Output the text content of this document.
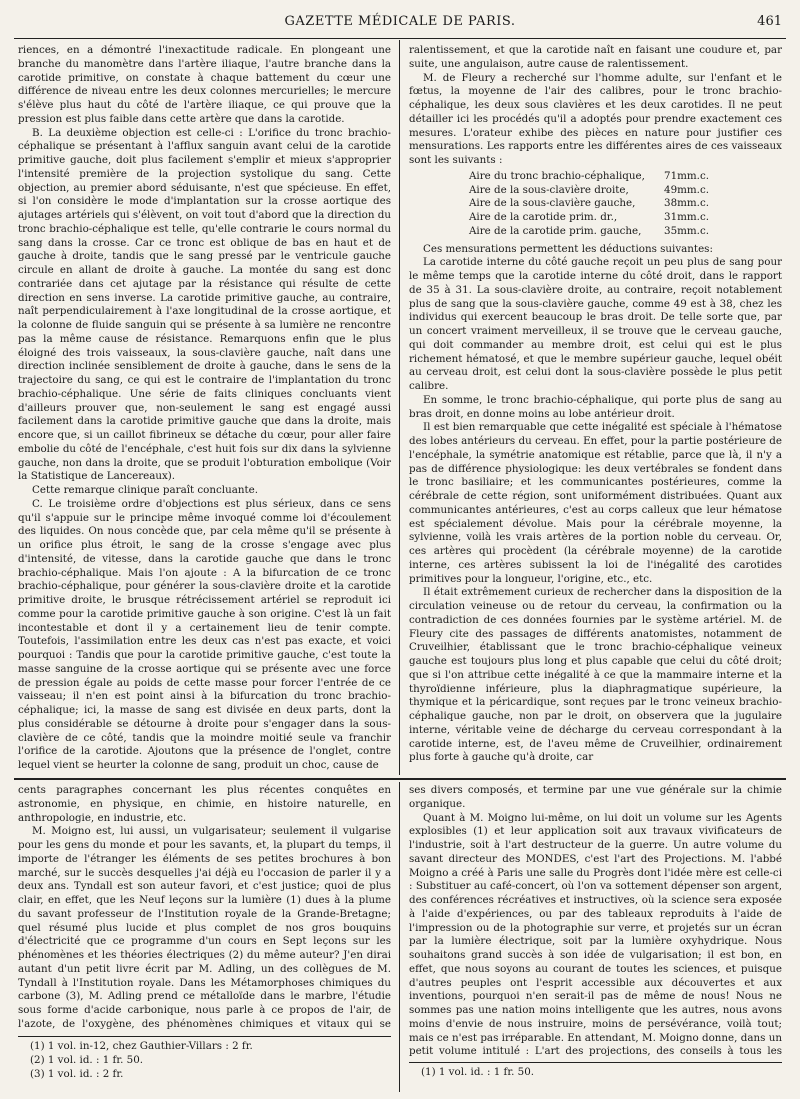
GAZETTE MÉDICALE DE PARIS.	461

riences, en a démontré l'inexactitude radicale. En plongeant une branche du manomètre dans l'artère iliaque, l'autre branche dans la carotide primitive, on constate à chaque battement du cœur une différence de niveau entre les deux colonnes mercurielles; le mercure s'élève plus haut du côté de l'artère iliaque, ce qui prouve que la pression est plus faible dans cette artère que dans la carotide.

B. La deuxième objection est celle-ci : L'orifice du tronc brachio-céphalique se présentant à l'afflux sanguin avant celui de la carotide primitive gauche, doit plus facilement s'emplir et mieux s'approprier l'intensité première de la projection systolique du sang. Cette objection, au premier abord séduisante, n'est que spécieuse. En effet, si l'on considère le mode d'implantation sur la crosse aortique des ajutages artériels qui s'élèvent, on voit tout d'abord que la direction du tronc brachio-céphalique est telle, qu'elle contrarie le cours normal du sang dans la crosse. Car ce tronc est oblique de bas en haut et de gauche à droite, tandis que le sang pressé par le ventricule gauche circule en allant de droite à gauche. La montée du sang est donc contrariée dans cet ajutage par la résistance qui résulte de cette direction en sens inverse. La carotide primitive gauche, au contraire, naît perpendiculairement à l'axe longitudinal de la crosse aortique, et la colonne de fluide sanguin qui se présente à sa lumière ne rencontre pas la même cause de résistance. Remarquons enfin que le plus éloigné des trois vaisseaux, la sous-clavière gauche, naît dans une direction inclinée sensiblement de droite à gauche, dans le sens de la trajectoire du sang, ce qui est le contraire de l'implantation du tronc brachio-céphalique. Une série de faits cliniques concluants vient d'ailleurs prouver que, non-seulement le sang est engagé aussi facilement dans la carotide primitive gauche que dans la droite, mais encore que, si un caillot fibrineux se détache du cœur, pour aller faire embolie du côté de l'encéphale, c'est huit fois sur dix dans la sylvienne gauche, non dans la droite, que se produit l'obturation embolique (Voir la Statistique de Lancereaux).

Cette remarque clinique paraît concluante.

C. Le troisième ordre d'objections est plus sérieux, dans ce sens qu'il s'appuie sur le principe même invoqué comme loi d'écoulement des liquides. On nous concède que, par cela même qu'il se présente à un orifice plus étroit, le sang de la crosse s'engage avec plus d'intensité, de vitesse, dans la carotide gauche que dans le tronc brachio-céphalique. Mais l'on ajoute : A la bifurcation de ce tronc brachio-céphalique, pour générer la sous-clavière droite et la carotide primitive droite, le brusque rétrécissement artériel se reproduit ici comme pour la carotide primitive gauche à son origine. C'est là un fait incontestable et dont il y a certainement lieu de tenir compte. Toutefois, l'assimilation entre les deux cas n'est pas exacte, et voici pourquoi : Tandis que pour la carotide primitive gauche, c'est toute la masse sanguine de la crosse aortique qui se présente avec une force de pression égale au poids de cette masse pour forcer l'entrée de ce vaisseau; il n'en est point ainsi à la bifurcation du tronc brachio-céphalique; ici, la masse de sang est divisée en deux parts, dont la plus considérable se détourne à droite pour s'engager dans la sous-clavière de ce côté, tandis que la moindre moitié seule va franchir l'orifice de la carotide. Ajoutons que la présence de l'onglet, contre lequel vient se heurter la colonne de sang, produit un choc, cause de

ralentissement, et que la carotide naît en faisant une coudure et, par suite, une angulaison, autre cause de ralentissement.

M. de Fleury a recherché sur l'homme adulte, sur l'enfant et le fœtus, la moyenne de l'air des calibres, pour le tronc brachio-céphalique, les deux sous clavières et les deux carotides. Il ne peut détailler ici les procédés qu'il a adoptés pour prendre exactement ces mesures. L'orateur exhibe des pièces en nature pour justifier ces mensurations. Les rapports entre les différentes aires de ces vaisseaux sont les suivants :

Aire du tronc brachio-céphalique, 71mm.c.
Aire de la sous-clavière droite,	49mm.c.
Aire de la sous-clavière gauche,	38mm.c.
Aire de la carotide prim. dr.,	31mm.c.
Aire de la carotide prim. gauche, 35mm.c.

Ces mensurations permettent les déductions suivantes:

La carotide interne du côté gauche reçoit un peu plus de sang pour le même temps que la carotide interne du côté droit, dans le rapport de 35 à 31. La sous-clavière droite, au contraire, reçoit notablement plus de sang que la sous-clavière gauche, comme 49 est à 38, chez les individus qui exercent beaucoup le bras droit. De telle sorte que, par un concert vraiment merveilleux, il se trouve que le cerveau gauche, qui doit commander au membre droit, est celui qui est le plus richement hématosé, et que le membre supérieur gauche, lequel obéit au cerveau droit, est celui dont la sous-clavière possède le plus petit calibre.

En somme, le tronc brachio-céphalique, qui porte plus de sang au bras droit, en donne moins au lobe antérieur droit.

Il est bien remarquable que cette inégalité est spéciale à l'hématose des lobes antérieurs du cerveau. En effet, pour la partie postérieure de l'encéphale, la symétrie anatomique est rétablie, parce que là, il n'y a pas de différence physiologique: les deux vertébrales se fondent dans le tronc basiliaire; et les communicantes postérieures, comme la cérébrale de cette région, sont uniformément distribuées. Quant aux communicantes antérieures, c'est au corps calleux que leur hématose est spécialement dévolue. Mais pour la cérébrale moyenne, la sylvienne, voilà les vrais artères de la portion noble du cerveau. Or, ces artères qui procèdent (la cérébrale moyenne) de la carotide interne, ces artères subissent la loi de l'inégalité des carotides primitives pour la longueur, l'origine, etc., etc.

Il était extrêmement curieux de rechercher dans la disposition de la circulation veineuse ou de retour du cerveau, la confirmation ou la contradiction de ces données fournies par le système artériel. M. de Fleury cite des passages de différents anatomistes, notamment de Cruveilhier, établissant que le tronc brachio-céphalique veineux gauche est toujours plus long et plus capable que celui du côté droit; que si l'on attribue cette inégalité à ce que la mammaire interne et la thyroïdienne inférieure, plus la diaphragmatique supérieure, la thymique et la péricardique, sont reçues par le tronc veineux brachio-céphalique gauche, non par le droit, on observera que la jugulaire interne, véritable veine de décharge du cerveau correspondant à la carotide interne, est, de l'aveu même de Cruveilhier, ordinairement plus forte à gauche qu'à droite, car

cents paragraphes concernant les plus récentes conquêtes en astronomie, en physique, en chimie, en histoire naturelle, en anthropologie, en industrie, etc.

M. Moigno est, lui aussi, un vulgarisateur; seulement il vulgarise pour les gens du monde et pour les savants, et, la plupart du temps, il importe de l'étranger les éléments de ses petites brochures à bon marché, sur le succès desquelles j'ai déjà eu l'occasion de parler il y a deux ans. Tyndall est son auteur favori, et c'est justice; quoi de plus clair, en effet, que les Neuf leçons sur la lumière (1) dues à la plume du savant professeur de l'Institution royale de la Grande-Bretagne; quel résumé plus lucide et plus complet de nos gros bouquins d'électricité que ce programme d'un cours en Sept leçons sur les phénomènes et les théories électriques (2) du même auteur? J'en dirai autant d'un petit livre écrit par M. Adling, un des collègues de M. Tyndall à l'Institution royale. Dans les Métamorphoses chimiques du carbone (3), M. Adling prend ce métalloïde dans le marbre, l'étudie sous forme d'acide carbonique, nous parle à ce propos de l'air, de l'azote, de l'oxygène, des phénomènes chimiques et vitaux qui se

(1) 1 vol. in-12, chez Gauthier-Villars : 2 fr.

(2) 1 vol. id. : 1 fr. 50.

(3) 1 vol. id. : 2 fr.

ses divers composés, et termine par une vue générale sur la chimie organique.

Quant à M. Moigno lui-même, on lui doit un volume sur les Agents explosibles (1) et leur application soit aux travaux vivificateurs de l'industrie, soit à l'art destructeur de la guerre. Un autre volume du savant directeur des MONDES, c'est l'art des Projections. M. l'abbé Moigno a créé à Paris une salle du Progrès dont l'idée mère est celle-ci : Substituer au café-concert, où l'on va sottement dépenser son argent, des conférences récréatives et instructives, où la science sera exposée à l'aide d'expériences, ou par des tableaux reproduits à l'aide de l'impression ou de la photographie sur verre, et projetés sur un écran par la lumière électrique, soit par la lumière oxyhydrique. Nous souhaitons grand succès à son idée de vulgarisation; il est bon, en effet, que nous soyons au courant de toutes les sciences, et puisque d'autres peuples ont l'esprit accessible aux découvertes et aux inventions, pourquoi n'en serait-il pas de même de nous! Nous ne sommes pas une nation moins intelligente que les autres, nous avons moins d'envie de nous instruire, moins de persévérance, voilà tout; mais ce n'est pas irréparable. En attendant, M. Moigno donne, dans un petit volume intitulé : L'art des projections, des conseils à tous les

(1) 1 vol. id. : 1 fr. 50.
